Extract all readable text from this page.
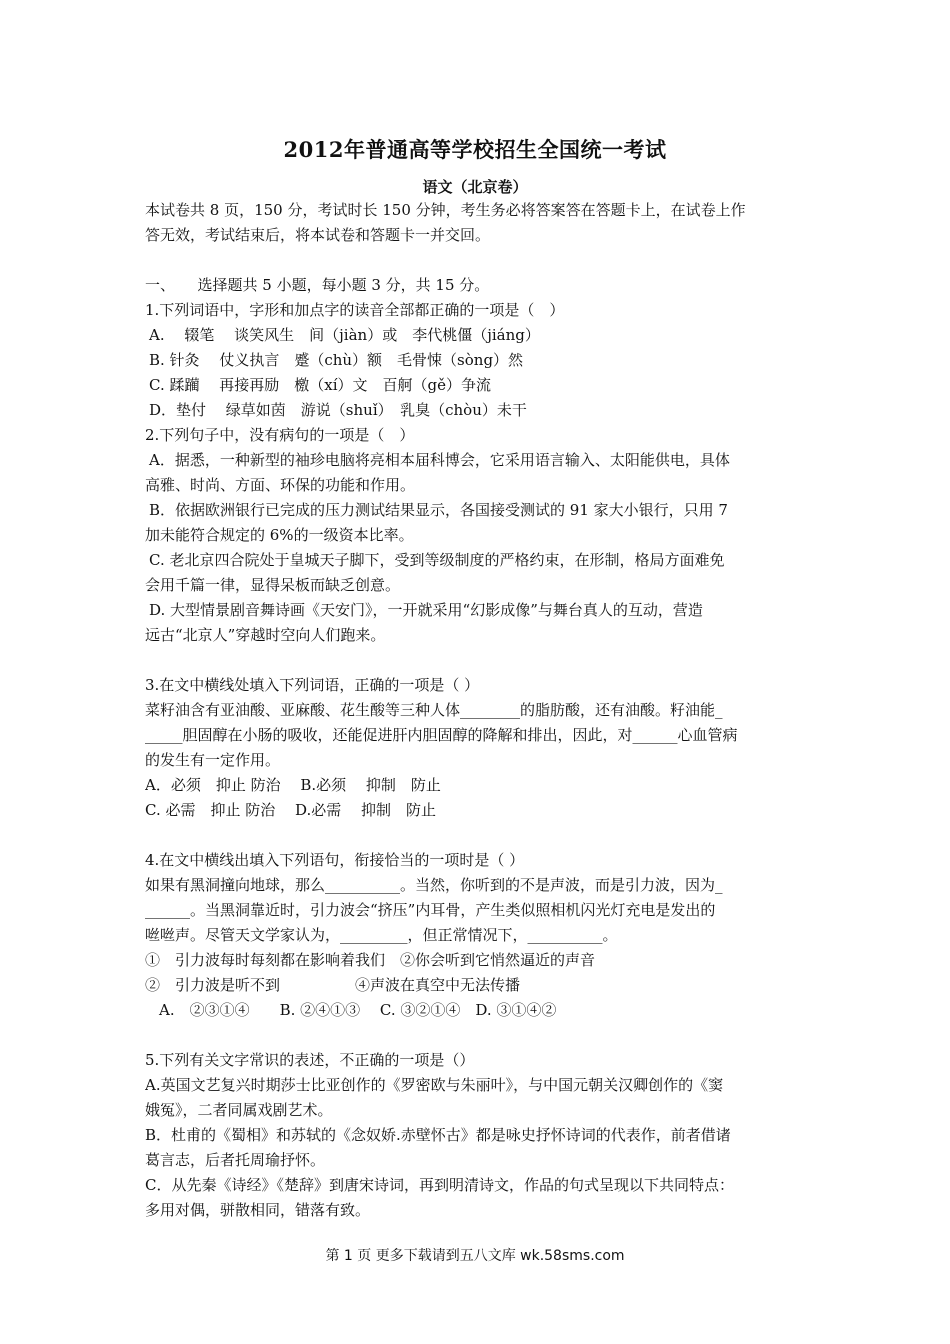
2012年普通高等学校招生全国统一考试
语文（北京卷）

本试卷共 8 页，150 分，考试时长 150 分钟，考生务必将答案答在答题卡上，在试卷上作

答无效，考试结束后，将本试卷和答题卡一并交回。

一、　　选择题共 5 小题，每小题 3 分，共 15 分。

1.下列词语中，字形和加点字的读音全部都正确的一项是（　）

A.　 辍笔　 谈笑风生　间（jiàn）或　李代桃僵（jiáng）

B. 针灸　 仗义执言　蹙（chù）额　毛骨悚（sòng）然

C. 蹂躏　 再接再励　檄（xí）文　百舸（gě）争流

D．垫付　 绿草如茵　游说（shuǐ）　乳臭（chòu）未干

2.下列句子中，没有病句的一项是（　）

A．据悉，一种新型的袖珍电脑将亮相本届科博会，它采用语言输入、太阳能供电，具体

高雅、时尚、方面、环保的功能和作用。

B．依据欧洲银行已完成的压力测试结果显示，各国接受测试的 91 家大小银行，只用 7

加未能符合规定的 6%的一级资本比率。

C. 老北京四合院处于皇城天子脚下，受到等级制度的严格约束，在形制，格局方面难免

会用千篇一律，显得呆板而缺乏创意。

D. 大型情景剧音舞诗画《天安门》，一开就采用“幻影成像”与舞台真人的互动，营造

远古“北京人”穿越时空向人们跑来。

3.在文中横线处填入下列词语，正确的一项是（ ）

菜籽油含有亚油酸、亚麻酸、花生酸等三种人体________的脂肪酸，还有油酸。籽油能_

_____胆固醇在小肠的吸收，还能促进肝内胆固醇的降解和排出，因此，对______心血管病

的发生有一定作用。

A．必须　抑止 防治　 B.必须　 抑制　防止

C. 必需　抑止 防治　 D.必需　 抑制　防止

4.在文中横线出填入下列语句，衔接恰当的一项时是（ ）

如果有黑洞撞向地球，那么__________。当然，你听到的不是声波，而是引力波，因为_

______。当黑洞靠近时，引力波会“挤压”内耳骨，产生类似照相机闪光灯充电是发出的

咝咝声。尽管天文学家认为，_________，但正常情况下，__________。

①　引力波每时每刻都在影响着我们　②你会听到它悄然逼近的声音

②　引力波是听不到　　　　　④声波在真空中无法传播

A.　②③①④　　B. ②④①③　 C. ③②①④　D. ③①④②

5.下列有关文字常识的表述，不正确的一项是（）

A.英国文艺复兴时期莎士比亚创作的《罗密欧与朱丽叶》，与中国元朝关汉卿创作的《窦

娥冤》，二者同属戏剧艺术。

B．杜甫的《蜀相》和苏轼的《念奴娇.赤壁怀古》都是咏史抒怀诗词的代表作，前者借诸

葛言志，后者托周瑜抒怀。

C．从先秦《诗经》《楚辞》到唐宋诗词，再到明清诗文，作品的句式呈现以下共同特点：

多用对偶，骈散相同，错落有致。

第 1 页 更多下载请到五八文库 wk.58sms.com
